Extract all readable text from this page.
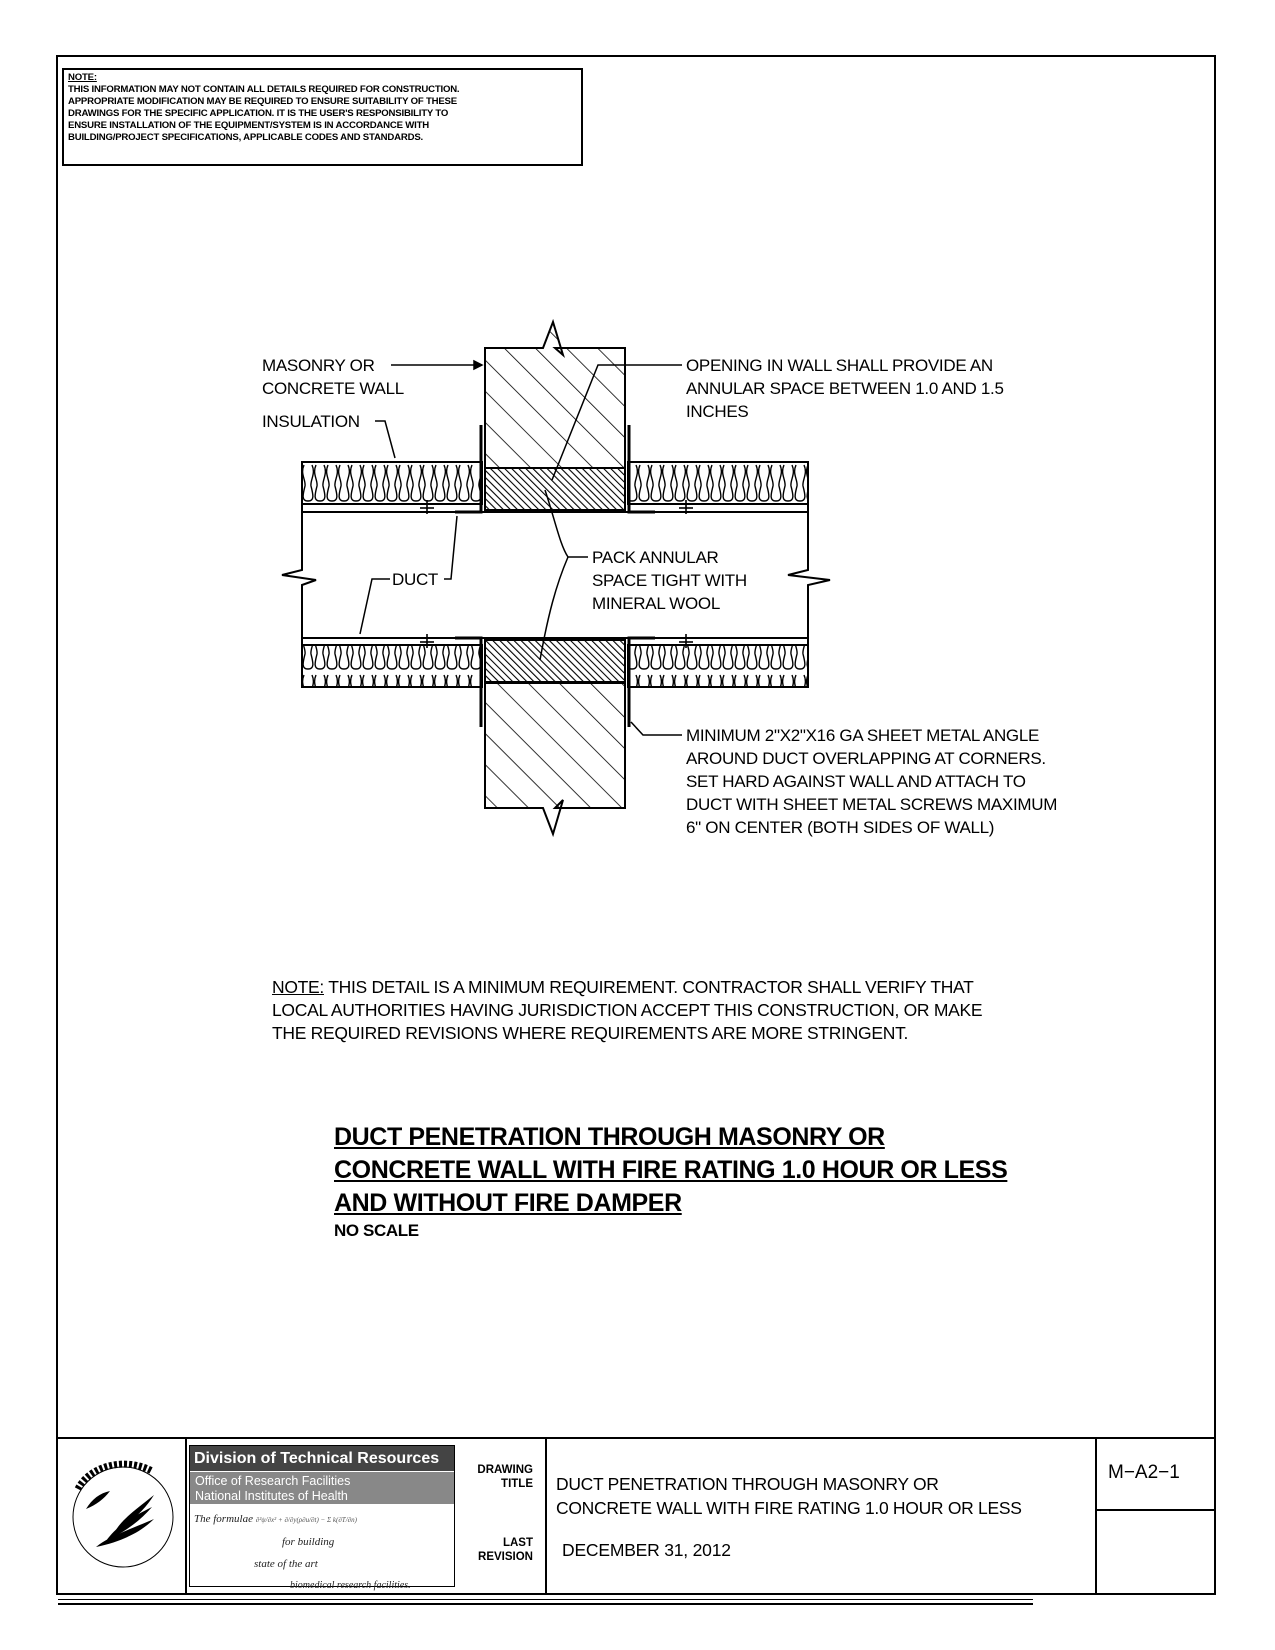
NOTE:
THIS INFORMATION MAY NOT CONTAIN ALL DETAILS REQUIRED FOR CONSTRUCTION.
APPROPRIATE MODIFICATION MAY BE REQUIRED TO ENSURE SUITABILITY OF THESE
DRAWINGS FOR THE SPECIFIC APPLICATION. IT IS THE USER'S RESPONSIBILITY TO
ENSURE INSTALLATION OF THE EQUIPMENT/SYSTEM IS IN ACCORDANCE WITH
BUILDING/PROJECT SPECIFICATIONS, APPLICABLE CODES AND STANDARDS.
MASONRY OR
CONCRETE WALL
INSULATION
OPENING IN WALL SHALL PROVIDE AN
ANNULAR SPACE BETWEEN 1.0 AND 1.5
INCHES
DUCT
PACK ANNULAR
SPACE TIGHT WITH
MINERAL WOOL
MINIMUM 2"X2"X16 GA SHEET METAL ANGLE
AROUND DUCT OVERLAPPING AT CORNERS.
SET HARD AGAINST WALL AND ATTACH TO
DUCT WITH SHEET METAL SCREWS MAXIMUM
6" ON CENTER (BOTH SIDES OF WALL)
NOTE: THIS DETAIL IS A MINIMUM REQUIREMENT. CONTRACTOR SHALL VERIFY THAT
LOCAL AUTHORITIES HAVING JURISDICTION ACCEPT THIS CONSTRUCTION, OR MAKE
THE REQUIRED REVISIONS WHERE REQUIREMENTS ARE MORE STRINGENT.
DUCT PENETRATION THROUGH MASONRY OR
CONCRETE WALL WITH FIRE RATING 1.0 HOUR OR LESS
AND WITHOUT FIRE DAMPER
NO SCALE
Division of Technical Resources
Office of Research Facilities
National Institutes of Health
The formulae ∂²ψ/∂x² + ∂/∂y(ρ∂u/∂t) − Σ k(∂T/∂n)
for building
state of the art
biomedical research facilities.
DRAWING
TITLE
LAST
REVISION
DUCT PENETRATION THROUGH MASONRY OR
CONCRETE WALL WITH FIRE RATING 1.0 HOUR OR LESS
DECEMBER 31, 2012
M−A2−1
